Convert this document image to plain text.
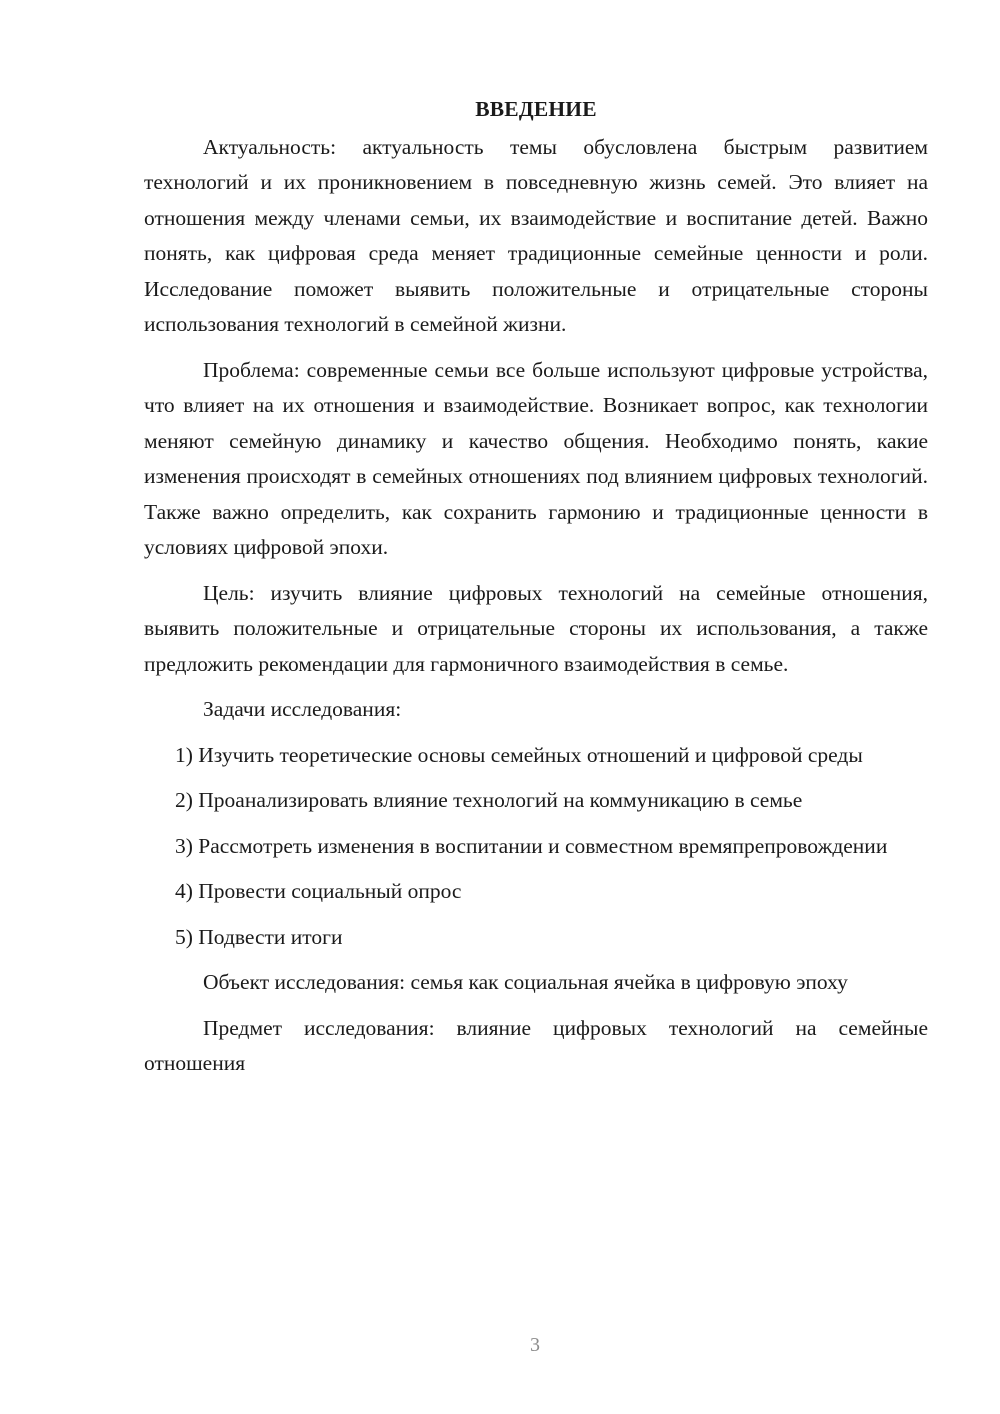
ВВЕДЕНИЕ

Актуальность: актуальность темы обусловлена быстрым развитием технологий и их проникновением в повседневную жизнь семей. Это влияет на отношения между членами семьи, их взаимодействие и воспитание детей. Важно понять, как цифровая среда меняет традиционные семейные ценности и роли. Исследование поможет выявить положительные и отрицательные стороны использования технологий в семейной жизни.

Проблема: современные семьи все больше используют цифровые устройства, что влияет на их отношения и взаимодействие. Возникает вопрос, как технологии меняют семейную динамику и качество общения. Необходимо понять, какие изменения происходят в семейных отношениях под влиянием цифровых технологий. Также важно определить, как сохранить гармонию и традиционные ценности в условиях цифровой эпохи.

Цель: изучить влияние цифровых технологий на семейные отношения, выявить положительные и отрицательные стороны их использования, а также предложить рекомендации для гармоничного взаимодействия в семье.

Задачи исследования:

1) Изучить теоретические основы семейных отношений и цифровой среды

2) Проанализировать влияние технологий на коммуникацию в семье

3) Рассмотреть изменения в воспитании и совместном времяпрепровождении

4) Провести социальный опрос

5) Подвести итоги

Объект исследования: семья как социальная ячейка в цифровую эпоху

Предмет исследования: влияние цифровых технологий на семейные отношения

3
